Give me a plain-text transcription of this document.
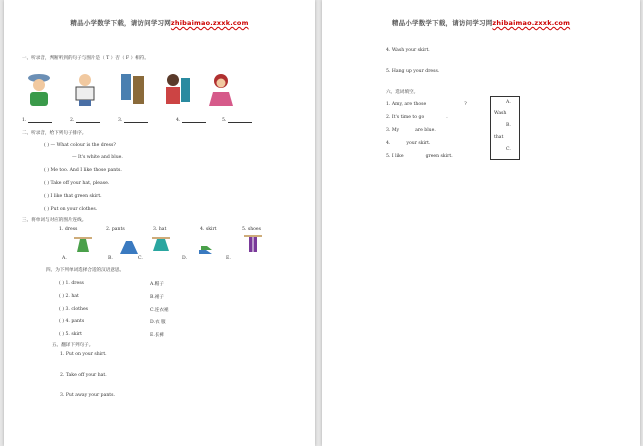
精品小学数学下载，请访问学习网zhibaimao.zxxk.com
一、听录音，判断听到的句子与图片是（ T ）否（ F ）相符。
1.	2.	3.	4.	5.
二、听录音，给下列句子排序。
( ) — What colour is the dress?
— It's white and blue.
( ) Me too. And I like those pants.
( ) Take off your hat, please.
( ) I like that green skirt.
( ) Put on your clothes.
三、将单词与对应的图片连线。
1. dress	2. pants	3. hat	4. skirt	5. shoes
A.	B.	C.	D.	E.
四、为下列单词选择合适的汉语意思。
( ) 1. dress	A.帽子
( ) 2. hat	B.裙子
( ) 3. clothes	C.连衣裙
( ) 4. pants	D.衣 服
( ) 5. skirt	E.长裤
五、翻译下列句子。
1. Put on your shirt.
2. Take off your hat.
3. Put away your pants.
精品小学数学下载，请访问学习网zhibaimao.zxxk.com
4. Wash your skirt.
5. Hang up your dress.
六、选词填空。
1. Amy, are those	?
2. It's time to go	.
3. My	are blue.
4.	your skirt.
5. I like	green skirt.
A.
Wash
B.
that
C.
